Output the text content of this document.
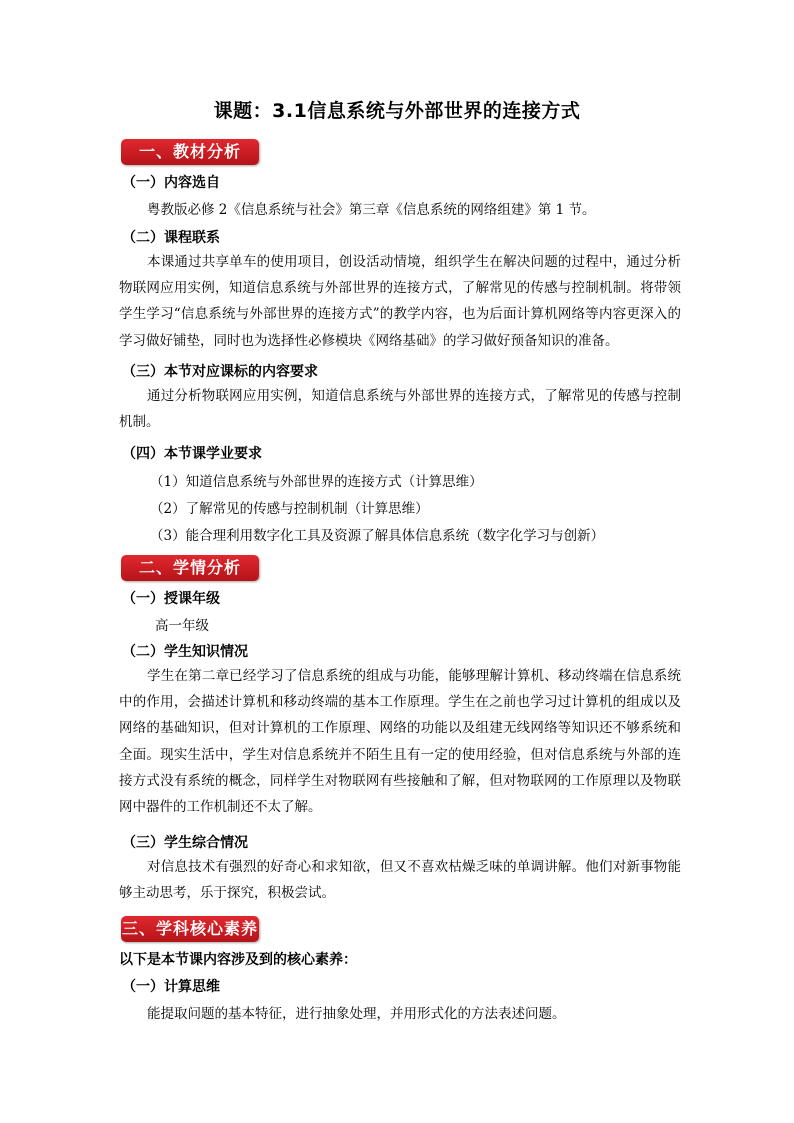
课题：3.1信息系统与外部世界的连接方式
一、教材分析
（一）内容选自
粤教版必修 2《信息系统与社会》第三章《信息系统的网络组建》第 1 节。
（二）课程联系
本课通过共享单车的使用项目，创设活动情境，组织学生在解决问题的过程中，通过分析物联网应用实例，知道信息系统与外部世界的连接方式，了解常见的传感与控制机制。将带领学生学习“信息系统与外部世界的连接方式”的教学内容，也为后面计算机网络等内容更深入的学习做好铺垫，同时也为选择性必修模块《网络基础》的学习做好预备知识的准备。
（三）本节对应课标的内容要求
通过分析物联网应用实例，知道信息系统与外部世界的连接方式，了解常见的传感与控制机制。
（四）本节课学业要求
（1）知道信息系统与外部世界的连接方式（计算思维）
（2）了解常见的传感与控制机制（计算思维）
（3）能合理利用数字化工具及资源了解具体信息系统（数字化学习与创新）
二、学情分析
（一）授课年级
高一年级
（二）学生知识情况
学生在第二章已经学习了信息系统的组成与功能，能够理解计算机、移动终端在信息系统中的作用，会描述计算机和移动终端的基本工作原理。学生在之前也学习过计算机的组成以及网络的基础知识，但对计算机的工作原理、网络的功能以及组建无线网络等知识还不够系统和全面。现实生活中，学生对信息系统并不陌生且有一定的使用经验，但对信息系统与外部的连接方式没有系统的概念，同样学生对物联网有些接触和了解，但对物联网的工作原理以及物联网中器件的工作机制还不太了解。
（三）学生综合情况
对信息技术有强烈的好奇心和求知欲，但又不喜欢枯燥乏味的单调讲解。他们对新事物能够主动思考，乐于探究，积极尝试。
三、学科核心素养
以下是本节课内容涉及到的核心素养：
（一）计算思维
能提取问题的基本特征，进行抽象处理，并用形式化的方法表述问题。
